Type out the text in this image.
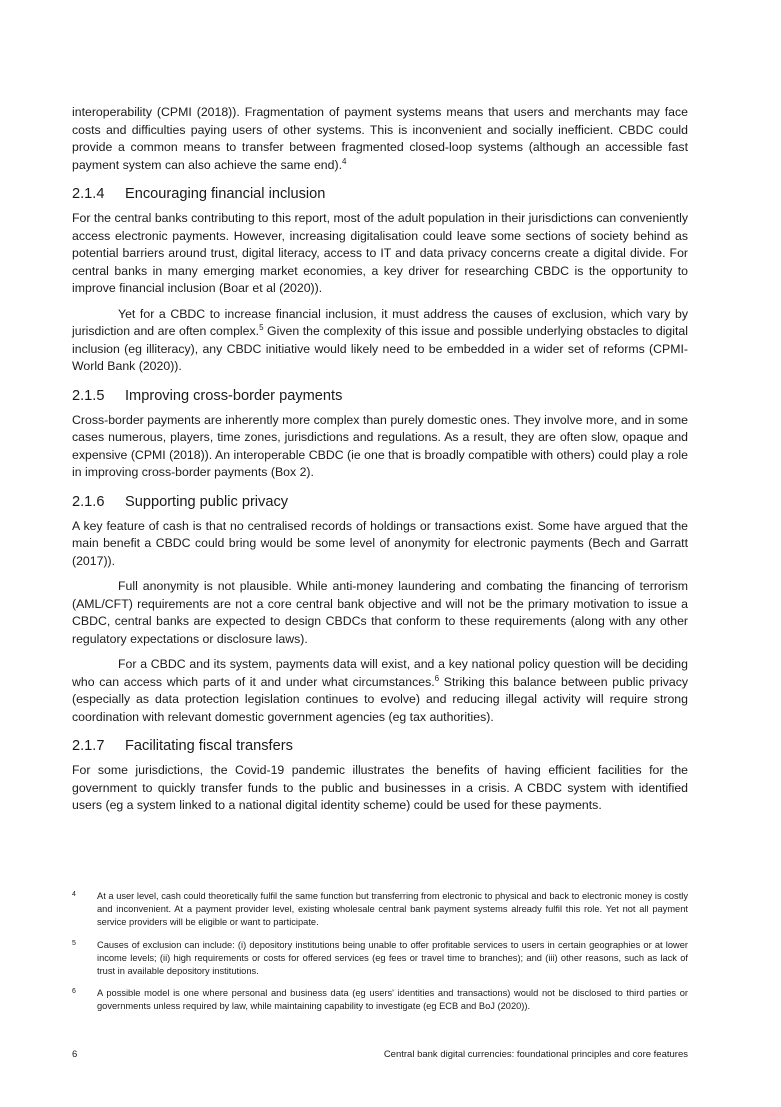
interoperability (CPMI (2018)). Fragmentation of payment systems means that users and merchants may face costs and difficulties paying users of other systems. This is inconvenient and socially inefficient. CBDC could provide a common means to transfer between fragmented closed-loop systems (although an accessible fast payment system can also achieve the same end).$^4$

2.1.4	Encouraging financial inclusion

For the central banks contributing to this report, most of the adult population in their jurisdictions can conveniently access electronic payments. However, increasing digitalisation could leave some sections of society behind as potential barriers around trust, digital literacy, access to IT and data privacy concerns create a digital divide. For central banks in many emerging market economies, a key driver for researching CBDC is the opportunity to improve financial inclusion (Boar et al (2020)).

Yet for a CBDC to increase financial inclusion, it must address the causes of exclusion, which vary by jurisdiction and are often complex.$^5$ Given the complexity of this issue and possible underlying obstacles to digital inclusion (eg illiteracy), any CBDC initiative would likely need to be embedded in a wider set of reforms (CPMI-World Bank (2020)).

2.1.5	Improving cross-border payments

Cross-border payments are inherently more complex than purely domestic ones. They involve more, and in some cases numerous, players, time zones, jurisdictions and regulations. As a result, they are often slow, opaque and expensive (CPMI (2018)). An interoperable CBDC (ie one that is broadly compatible with others) could play a role in improving cross-border payments (Box 2).

2.1.6	Supporting public privacy

A key feature of cash is that no centralised records of holdings or transactions exist. Some have argued that the main benefit a CBDC could bring would be some level of anonymity for electronic payments (Bech and Garratt (2017)).

Full anonymity is not plausible. While anti-money laundering and combating the financing of terrorism (AML/CFT) requirements are not a core central bank objective and will not be the primary motivation to issue a CBDC, central banks are expected to design CBDCs that conform to these requirements (along with any other regulatory expectations or disclosure laws).

For a CBDC and its system, payments data will exist, and a key national policy question will be deciding who can access which parts of it and under what circumstances.$^6$ Striking this balance between public privacy (especially as data protection legislation continues to evolve) and reducing illegal activity will require strong coordination with relevant domestic government agencies (eg tax authorities).

2.1.7	Facilitating fiscal transfers

For some jurisdictions, the Covid-19 pandemic illustrates the benefits of having efficient facilities for the government to quickly transfer funds to the public and businesses in a crisis. A CBDC system with identified users (eg a system linked to a national digital identity scheme) could be used for these payments.

4	At a user level, cash could theoretically fulfil the same function but transferring from electronic to physical and back to electronic money is costly and inconvenient. At a payment provider level, existing wholesale central bank payment systems already fulfil this role. Yet not all payment service providers will be eligible or want to participate.
5	Causes of exclusion can include: (i) depository institutions being unable to offer profitable services to users in certain geographies or at lower income levels; (ii) high requirements or costs for offered services (eg fees or travel time to branches); and (iii) other reasons, such as lack of trust in available depository institutions.
6	A possible model is one where personal and business data (eg users' identities and transactions) would not be disclosed to third parties or governments unless required by law, while maintaining capability to investigate (eg ECB and BoJ (2020)).
6	Central bank digital currencies: foundational principles and core features
